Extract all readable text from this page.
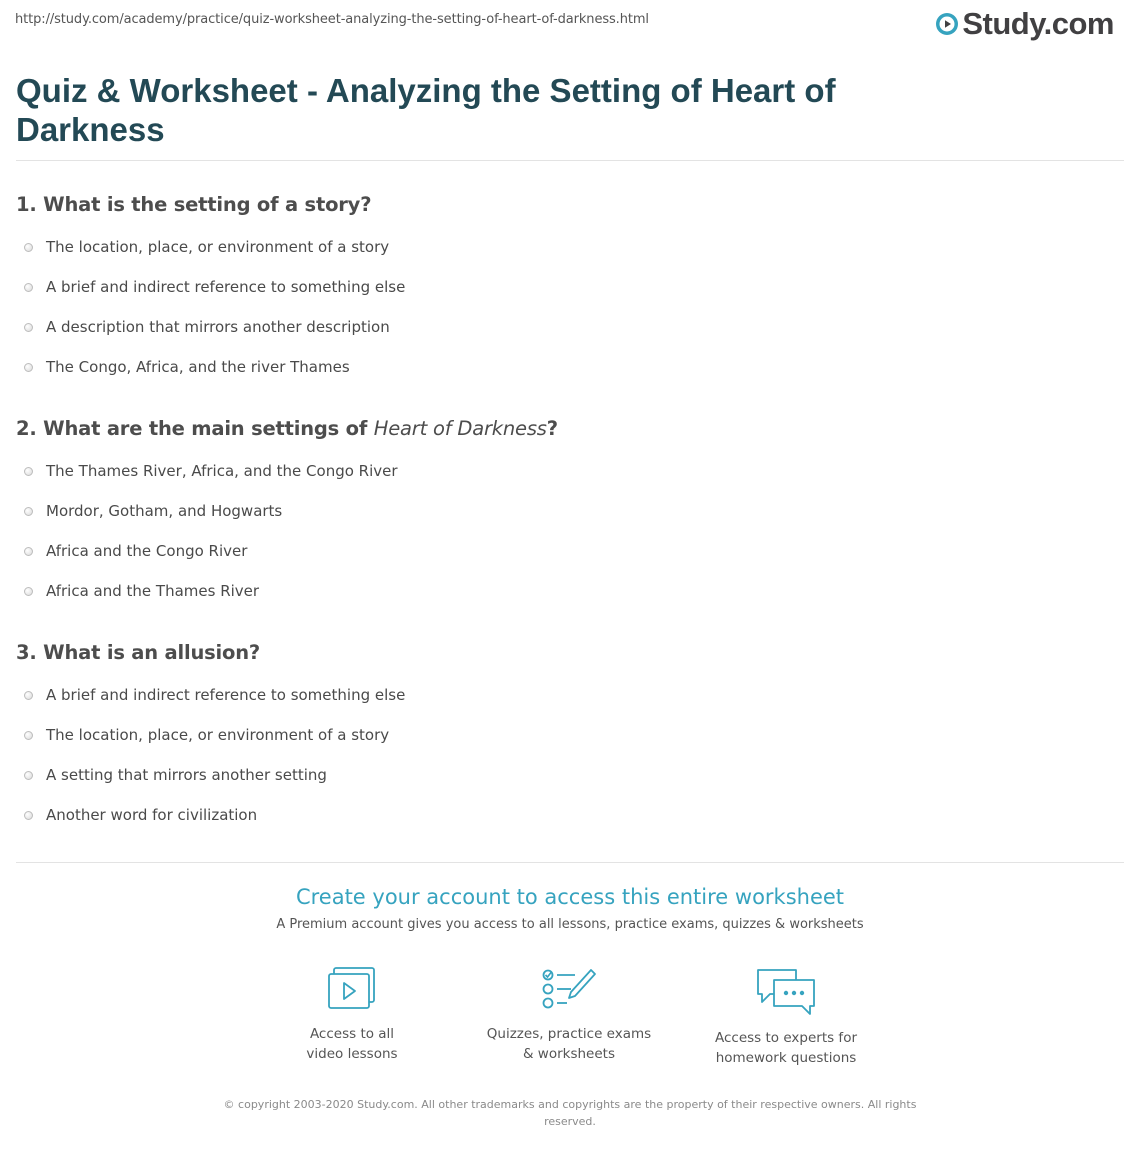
http://study.com/academy/practice/quiz-worksheet-analyzing-the-setting-of-heart-of-darkness.html	Study.com
Quiz & Worksheet - Analyzing the Setting of Heart of Darkness
1. What is the setting of a story?
The location, place, or environment of a story
A brief and indirect reference to something else
A description that mirrors another description
The Congo, Africa, and the river Thames
2. What are the main settings of Heart of Darkness?
The Thames River, Africa, and the Congo River
Mordor, Gotham, and Hogwarts
Africa and the Congo River
Africa and the Thames River
3. What is an allusion?
A brief and indirect reference to something else
The location, place, or environment of a story
A setting that mirrors another setting
Another word for civilization
Create your account to access this entire worksheet
A Premium account gives you access to all lessons, practice exams, quizzes & worksheets
Access to all
video lessons
Quizzes, practice exams
& worksheets
Access to experts for
homework questions
© copyright 2003-2020 Study.com. All other trademarks and copyrights are the property of their respective owners. All rights reserved.
